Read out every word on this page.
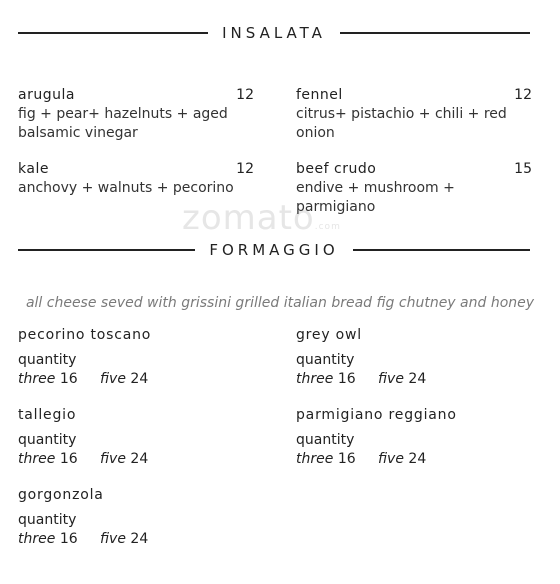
zomato.com
INSALATA
arugula	12
fig + pear+ hazelnuts + aged balsamic vinegar
fennel	12
citrus+ pistachio + chili + red onion
kale	12
anchovy + walnuts + pecorino
beef crudo	15
endive + mushroom + parmigiano
FORMAGGIO
all cheese seved with grissini grilled italian bread fig chutney and honey
pecorino toscano
quantity
three 16 five 24
grey owl
quantity
three 16 five 24
tallegio
quantity
three 16 five 24
parmigiano reggiano
quantity
three 16 five 24
gorgonzola
quantity
three 16 five 24
